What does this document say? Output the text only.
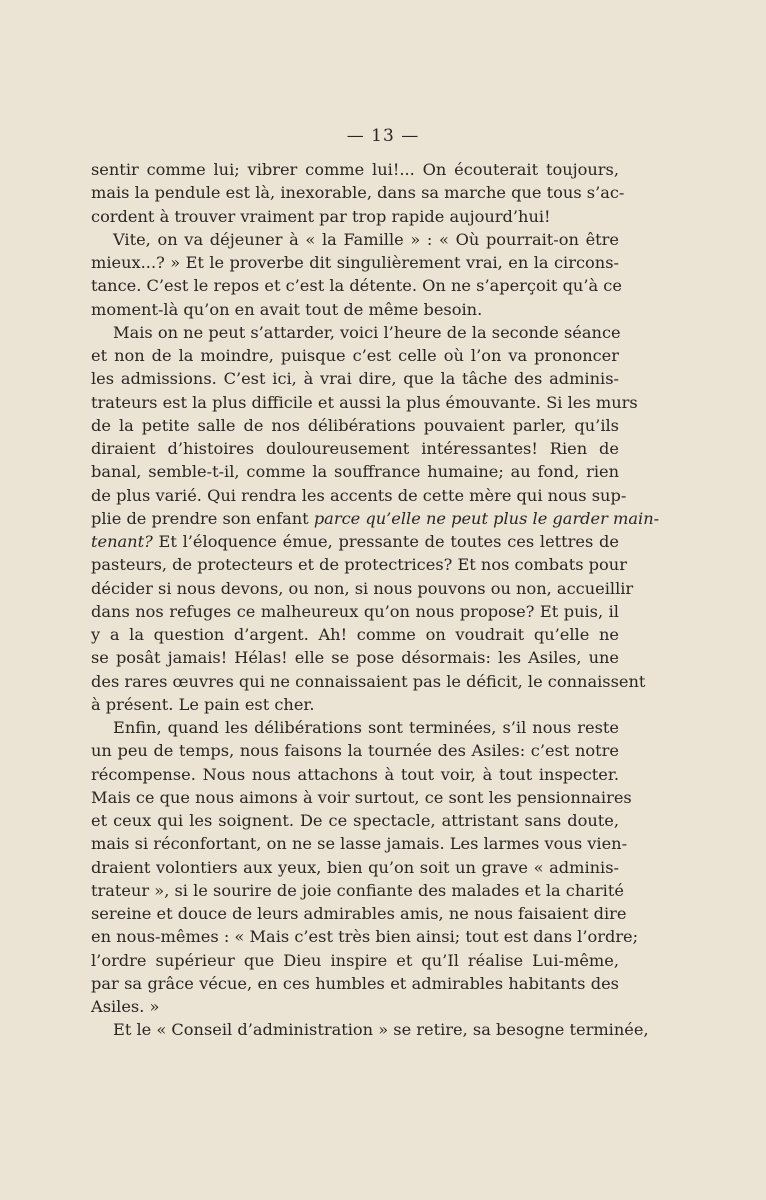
— 13 —
sentir comme lui; vibrer comme lui!... On écouterait toujours,
mais la pendule est là, inexorable, dans sa marche que tous s’ac-
cordent à trouver vraiment par trop rapide aujourd’hui!
Vite, on va déjeuner à « la Famille » : « Où pourrait-on être
mieux...? » Et le proverbe dit singulièrement vrai, en la circons-
tance. C’est le repos et c’est la détente. On ne s’aperçoit qu’à ce
moment-là qu’on en avait tout de même besoin.
Mais on ne peut s’attarder, voici l’heure de la seconde séance
et non de la moindre, puisque c’est celle où l’on va prononcer
les admissions. C’est ici, à vrai dire, que la tâche des adminis-
trateurs est la plus difficile et aussi la plus émouvante. Si les murs
de la petite salle de nos délibérations pouvaient parler, qu’ils
diraient d’histoires douloureusement intéressantes! Rien de
banal, semble-t-il, comme la souffrance humaine; au fond, rien
de plus varié. Qui rendra les accents de cette mère qui nous sup-
plie de prendre son enfant parce qu’elle ne peut plus le garder main-
tenant? Et l’éloquence émue, pressante de toutes ces lettres de
pasteurs, de protecteurs et de protectrices? Et nos combats pour
décider si nous devons, ou non, si nous pouvons ou non, accueillir
dans nos refuges ce malheureux qu’on nous propose? Et puis, il
y a la question d’argent. Ah! comme on voudrait qu’elle ne
se posât jamais! Hélas! elle se pose désormais: les Asiles, une
des rares œuvres qui ne connaissaient pas le déficit, le connaissent
à présent. Le pain est cher.
Enfin, quand les délibérations sont terminées, s’il nous reste
un peu de temps, nous faisons la tournée des Asiles: c’est notre
récompense. Nous nous attachons à tout voir, à tout inspecter.
Mais ce que nous aimons à voir surtout, ce sont les pensionnaires
et ceux qui les soignent. De ce spectacle, attristant sans doute,
mais si réconfortant, on ne se lasse jamais. Les larmes vous vien-
draient volontiers aux yeux, bien qu’on soit un grave « adminis-
trateur », si le sourire de joie confiante des malades et la charité
sereine et douce de leurs admirables amis, ne nous faisaient dire
en nous-mêmes : « Mais c’est très bien ainsi; tout est dans l’ordre;
l’ordre supérieur que Dieu inspire et qu’Il réalise Lui-même,
par sa grâce vécue, en ces humbles et admirables habitants des
Asiles. »
Et le « Conseil d’administration » se retire, sa besogne terminée,
